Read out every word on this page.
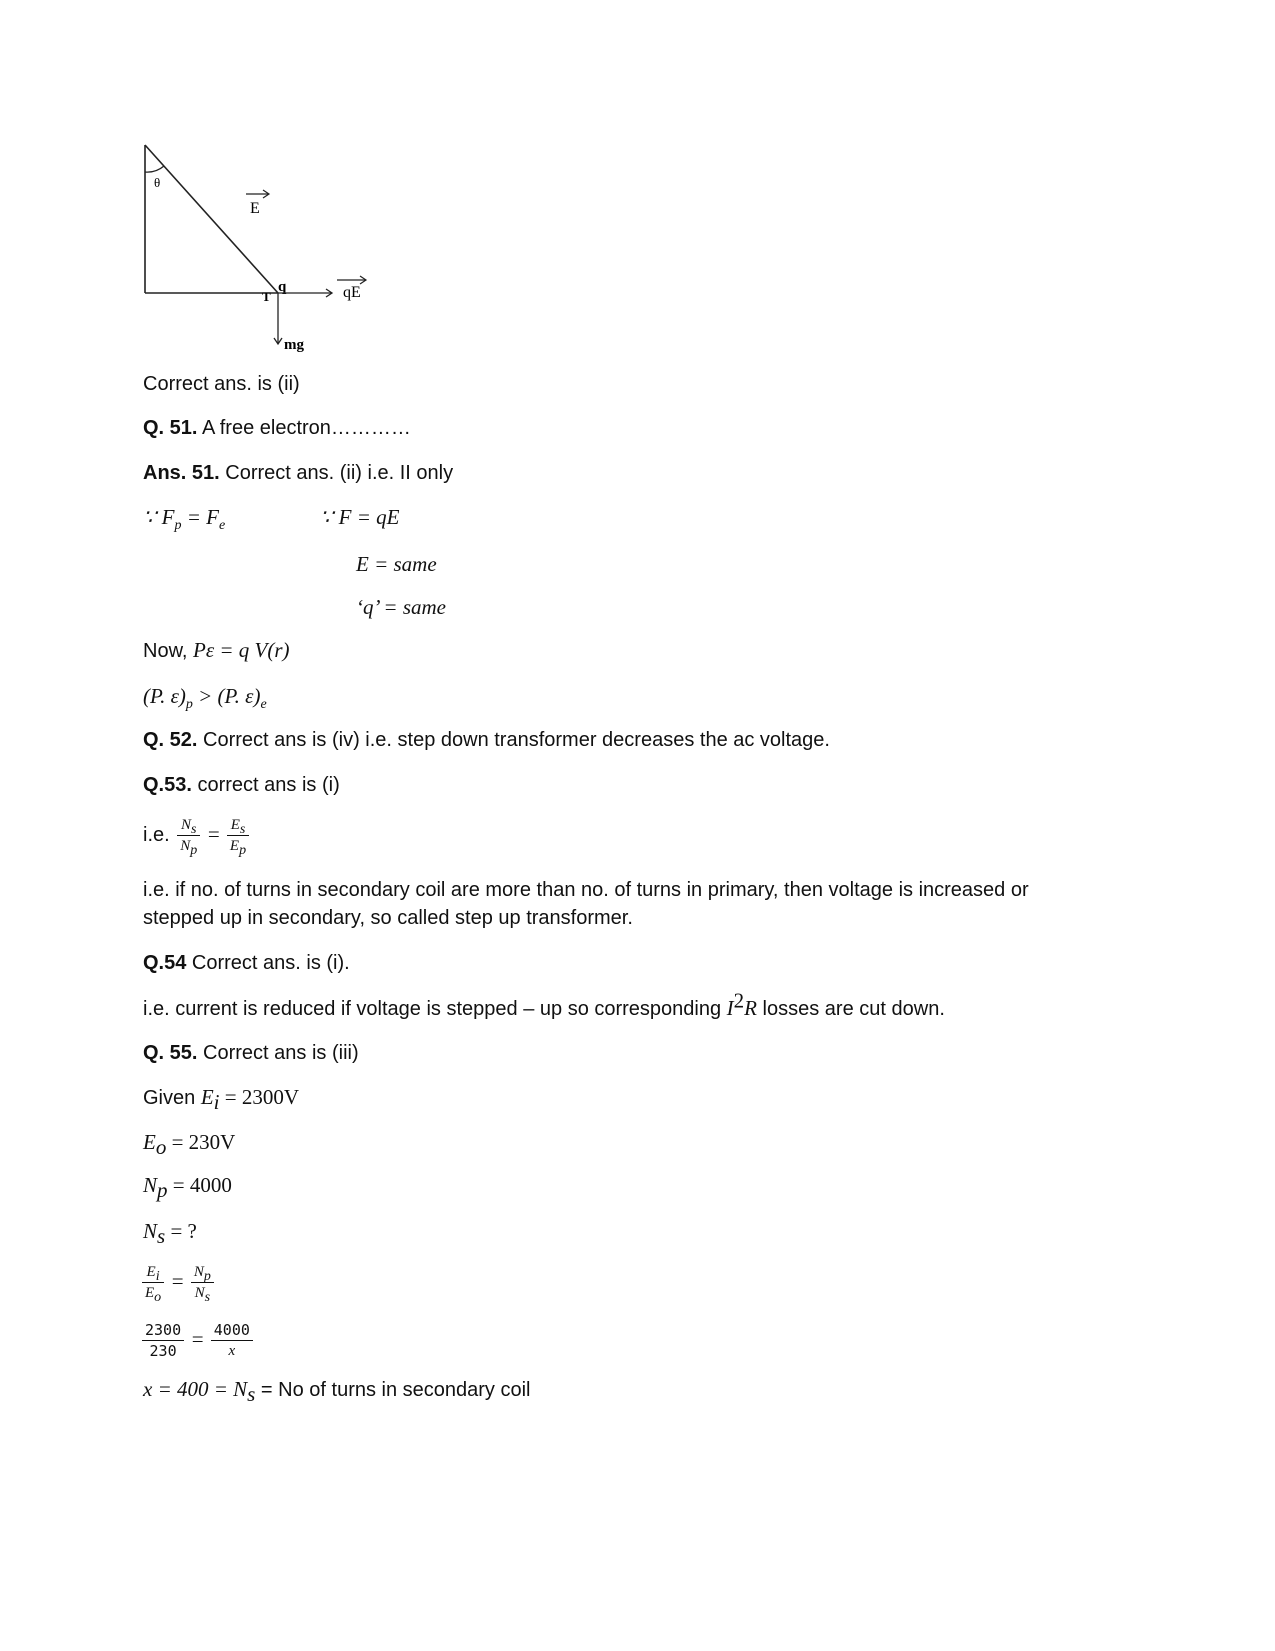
θ
E
q
T	qE
mg
Correct ans. is (ii)
Q. 51. A free electron…………
Ans. 51. Correct ans. (ii) i.e. II only
∵ $F_p = F_e$	∵ F = qE
E = same
‘q’ = same
Now, Pε = q V(r)
(P. $\varepsilon)_p > (P$. $\varepsilon)_e$
Q. 52. Correct ans is (iv) i.e. step down transformer decreases the ac voltage.
Q.53. correct ans is (i)
i.e. $\frac{N_s}{N_p} = \frac{E_s}{E_p}$
i.e. if no. of turns in secondary coil are more than no. of turns in primary, then voltage is increased or
stepped up in secondary, so called step up transformer.
Q.54 Correct ans. is (i).
i.e. current is reduced if voltage is stepped – up so corresponding $I^2R$ losses are cut down.
Q. 55. Correct ans is (iii)
Given $E_i = 2300V$
$E_o = 230V$
$N_p = 4000$
$N_s$ = ?
$\frac{E_i}{E_o} = \frac{N_p}{N_s}$
$\frac{2300}{230} = \frac{4000}{x}$
$x = 400 = N_s = No$ of turns in secondary coil
